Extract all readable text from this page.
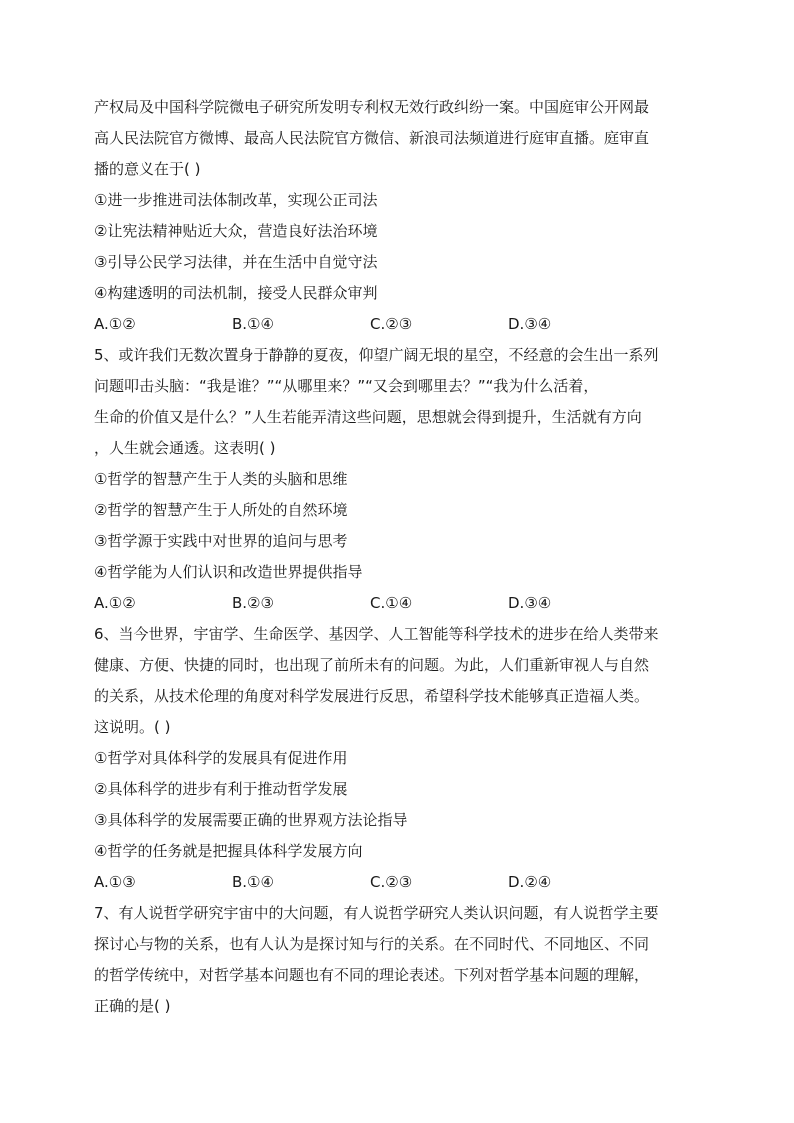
产权局及中国科学院微电子研究所发明专利权无效行政纠纷一案。中国庭审公开网最
高人民法院官方微博、最高人民法院官方微信、新浪司法频道进行庭审直播。庭审直
播的意义在于( )
①进一步推进司法体制改革，实现公正司法
②让宪法精神贴近大众，营造良好法治环境
③引导公民学习法律，并在生活中自觉守法
④构建透明的司法机制，接受人民群众审判
A.①②	B.①④	C.②③	D.③④
5、或许我们无数次置身于静静的夏夜，仰望广阔无垠的星空，不经意的会生出一系列
问题叩击头脑：“我是谁？”“从哪里来？”“又会到哪里去？”“我为什么活着，
生命的价值又是什么？”人生若能弄清这些问题，思想就会得到提升，生活就有方向
，人生就会通透。这表明( )
①哲学的智慧产生于人类的头脑和思维
②哲学的智慧产生于人所处的自然环境
③哲学源于实践中对世界的追问与思考
④哲学能为人们认识和改造世界提供指导
A.①②	B.②③	C.①④	D.③④
6、当今世界，宇宙学、生命医学、基因学、人工智能等科学技术的进步在给人类带来
健康、方便、快捷的同时，也出现了前所未有的问题。为此，人们重新审视人与自然
的关系，从技术伦理的角度对科学发展进行反思，希望科学技术能够真正造福人类。
这说明。( )
①哲学对具体科学的发展具有促进作用
②具体科学的进步有利于推动哲学发展
③具体科学的发展需要正确的世界观方法论指导
④哲学的任务就是把握具体科学发展方向
A.①③	B.①④	C.②③	D.②④
7、有人说哲学研究宇宙中的大问题，有人说哲学研究人类认识问题，有人说哲学主要
探讨心与物的关系，也有人认为是探讨知与行的关系。在不同时代、不同地区、不同
的哲学传统中，对哲学基本问题也有不同的理论表述。下列对哲学基本问题的理解，
正确的是( )
